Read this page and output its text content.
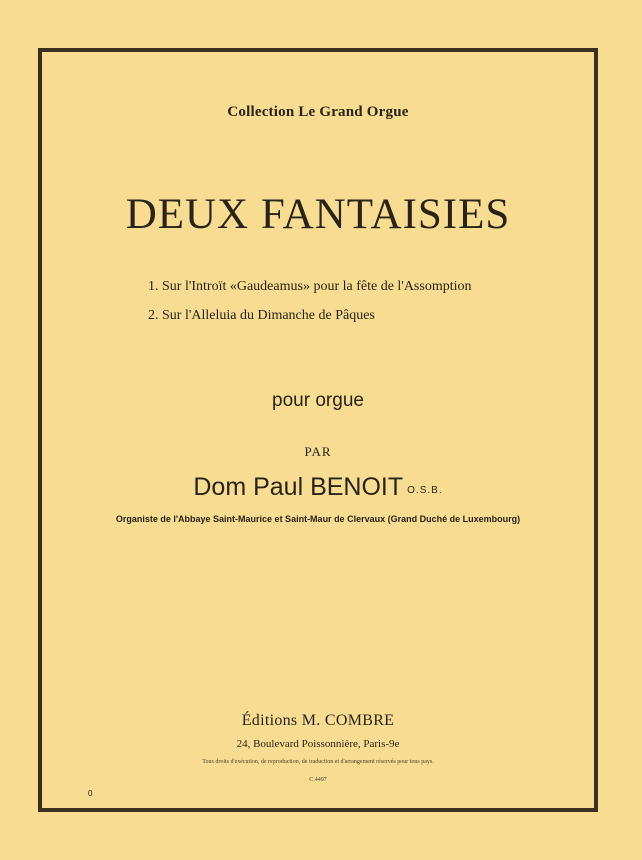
Collection Le Grand Orgue
DEUX FANTAISIES
1. Sur l'Introït «Gaudeamus» pour la fête de l'Assomption
2. Sur l'Alleluia du Dimanche de Pâques
pour orgue
PAR
Dom Paul BENOIT O.S.B.
Organiste de l'Abbaye Saint-Maurice et Saint-Maur de Clervaux (Grand Duché de Luxembourg)
Éditions M. COMBRE
24, Boulevard Poissonnière, Paris-9e
Tous droits d'exécution, de reproduction, de traduction et d'arrangement réservés pour tous pays.
C.4497
0
